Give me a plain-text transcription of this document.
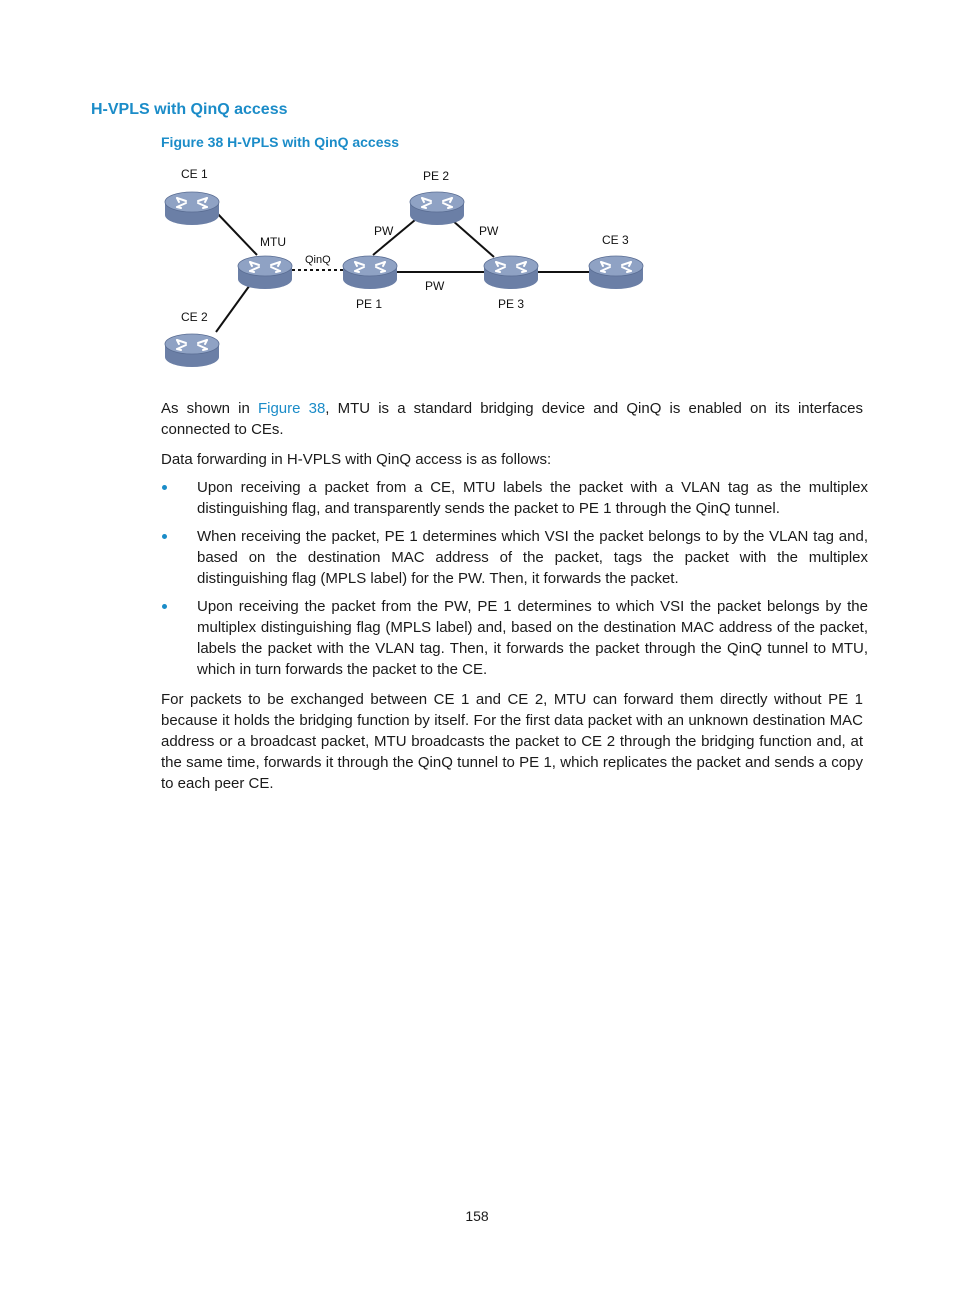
H-VPLS with QinQ access
Figure 38 H-VPLS with QinQ access
CE 1
CE 2
CE 3
MTU
PE 1
PE 2
PE 3
QinQ
PW	PW
PW

As shown in Figure 38, MTU is a standard bridging device and QinQ is enabled on its interfaces connected to CEs.

Data forwarding in H-VPLS with QinQ access is as follows:

Upon receiving a packet from a CE, MTU labels the packet with a VLAN tag as the multiplex distinguishing flag, and transparently sends the packet to PE 1 through the QinQ tunnel.
When receiving the packet, PE 1 determines which VSI the packet belongs to by the VLAN tag and, based on the destination MAC address of the packet, tags the packet with the multiplex distinguishing flag (MPLS label) for the PW. Then, it forwards the packet.
Upon receiving the packet from the PW, PE 1 determines to which VSI the packet belongs by the multiplex distinguishing flag (MPLS label) and, based on the destination MAC address of the packet, labels the packet with the VLAN tag. Then, it forwards the packet through the QinQ tunnel to MTU, which in turn forwards the packet to the CE.

For packets to be exchanged between CE 1 and CE 2, MTU can forward them directly without PE 1 because it holds the bridging function by itself. For the first data packet with an unknown destination MAC address or a broadcast packet, MTU broadcasts the packet to CE 2 through the bridging function and, at the same time, forwards it through the QinQ tunnel to PE 1, which replicates the packet and sends a copy to each peer CE.

158
